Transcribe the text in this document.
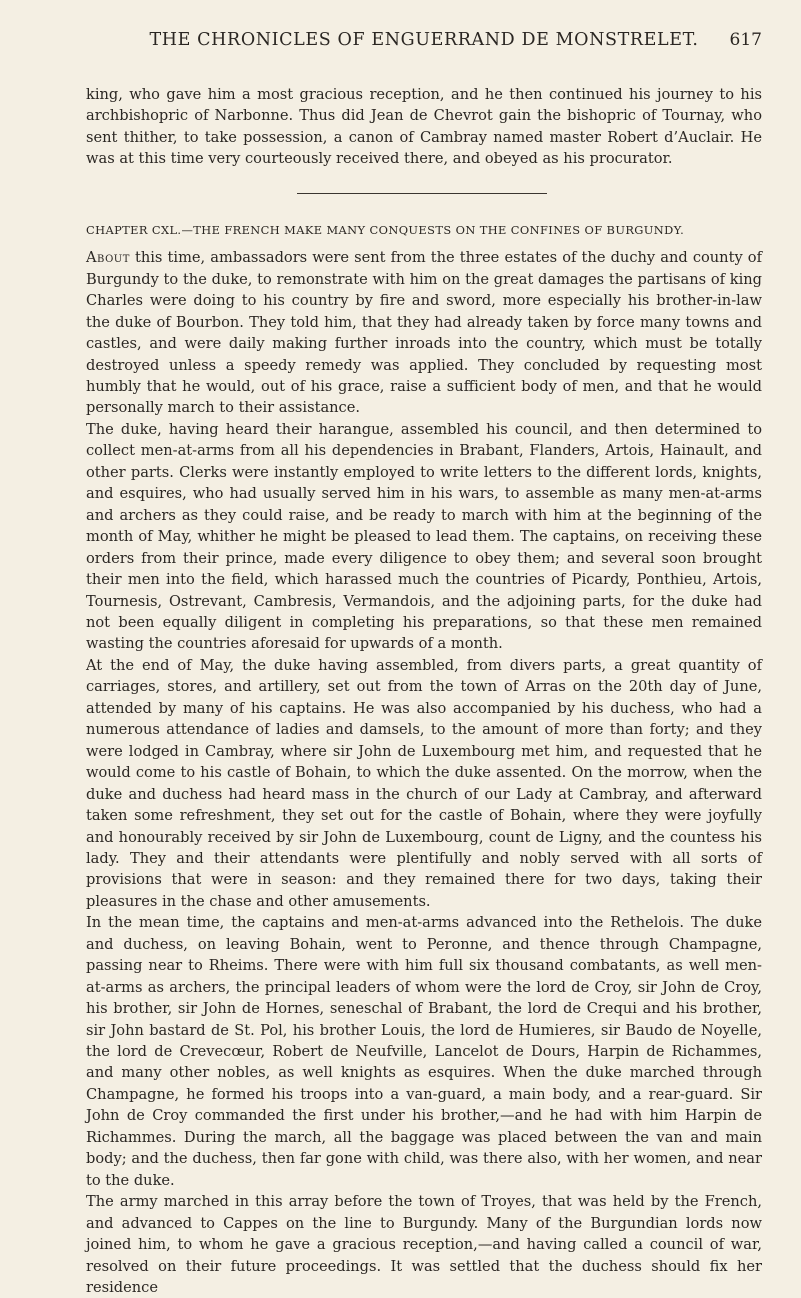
THE CHRONICLES OF ENGUERRAND DE MONSTRELET.	617

king, who gave him a most gracious reception, and he then continued his journey to his archbishopric of Narbonne. Thus did Jean de Chevrot gain the bishopric of Tournay, who sent thither, to take possession, a canon of Cambray named master Robert d’Auclair. He was at this time very courteously received there, and obeyed as his procurator.

CHAPTER CXL.—THE FRENCH MAKE MANY CONQUESTS ON THE CONFINES OF BURGUNDY.

About this time, ambassadors were sent from the three estates of the duchy and county of Burgundy to the duke, to remonstrate with him on the great damages the partisans of king Charles were doing to his country by fire and sword, more especially his brother-in-law the duke of Bourbon. They told him, that they had already taken by force many towns and castles, and were daily making further inroads into the country, which must be totally destroyed unless a speedy remedy was applied. They concluded by requesting most humbly that he would, out of his grace, raise a sufficient body of men, and that he would personally march to their assistance.

The duke, having heard their harangue, assembled his council, and then determined to collect men-at-arms from all his dependencies in Brabant, Flanders, Artois, Hainault, and other parts. Clerks were instantly employed to write letters to the different lords, knights, and esquires, who had usually served him in his wars, to assemble as many men-at-arms and archers as they could raise, and be ready to march with him at the beginning of the month of May, whither he might be pleased to lead them. The captains, on receiving these orders from their prince, made every diligence to obey them; and several soon brought their men into the field, which harassed much the countries of Picardy, Ponthieu, Artois, Tournesis, Ostrevant, Cambresis, Vermandois, and the adjoining parts, for the duke had not been equally diligent in completing his preparations, so that these men remained wasting the countries aforesaid for upwards of a month.

At the end of May, the duke having assembled, from divers parts, a great quantity of carriages, stores, and artillery, set out from the town of Arras on the 20th day of June, attended by many of his captains. He was also accompanied by his duchess, who had a numerous attendance of ladies and damsels, to the amount of more than forty; and they were lodged in Cambray, where sir John de Luxembourg met him, and requested that he would come to his castle of Bohain, to which the duke assented. On the morrow, when the duke and duchess had heard mass in the church of our Lady at Cambray, and afterward taken some refreshment, they set out for the castle of Bohain, where they were joyfully and honourably received by sir John de Luxembourg, count de Ligny, and the countess his lady. They and their attendants were plentifully and nobly served with all sorts of provisions that were in season: and they remained there for two days, taking their pleasures in the chase and other amusements.

In the mean time, the captains and men-at-arms advanced into the Rethelois. The duke and duchess, on leaving Bohain, went to Peronne, and thence through Champagne, passing near to Rheims. There were with him full six thousand combatants, as well men-at-arms as archers, the principal leaders of whom were the lord de Croy, sir John de Croy, his brother, sir John de Hornes, seneschal of Brabant, the lord de Crequi and his brother, sir John bastard de St. Pol, his brother Louis, the lord de Humieres, sir Baudo de Noyelle, the lord de Crevecœur, Robert de Neufville, Lancelot de Dours, Harpin de Richammes, and many other nobles, as well knights as esquires. When the duke marched through Champagne, he formed his troops into a van-guard, a main body, and a rear-guard. Sir John de Croy commanded the first under his brother,—and he had with him Harpin de Richammes. During the march, all the baggage was placed between the van and main body; and the duchess, then far gone with child, was there also, with her women, and near to the duke.

The army marched in this array before the town of Troyes, that was held by the French, and advanced to Cappes on the line to Burgundy. Many of the Burgundian lords now joined him, to whom he gave a gracious reception,—and having called a council of war, resolved on their future proceedings. It was settled that the duchess should fix her residence
